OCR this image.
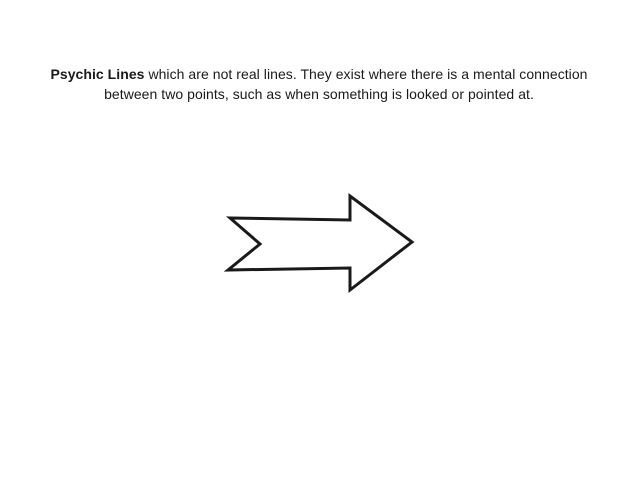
Psychic Lines which are not real lines. They exist where there is a mental connection
between two points, such as when something is looked or pointed at.
